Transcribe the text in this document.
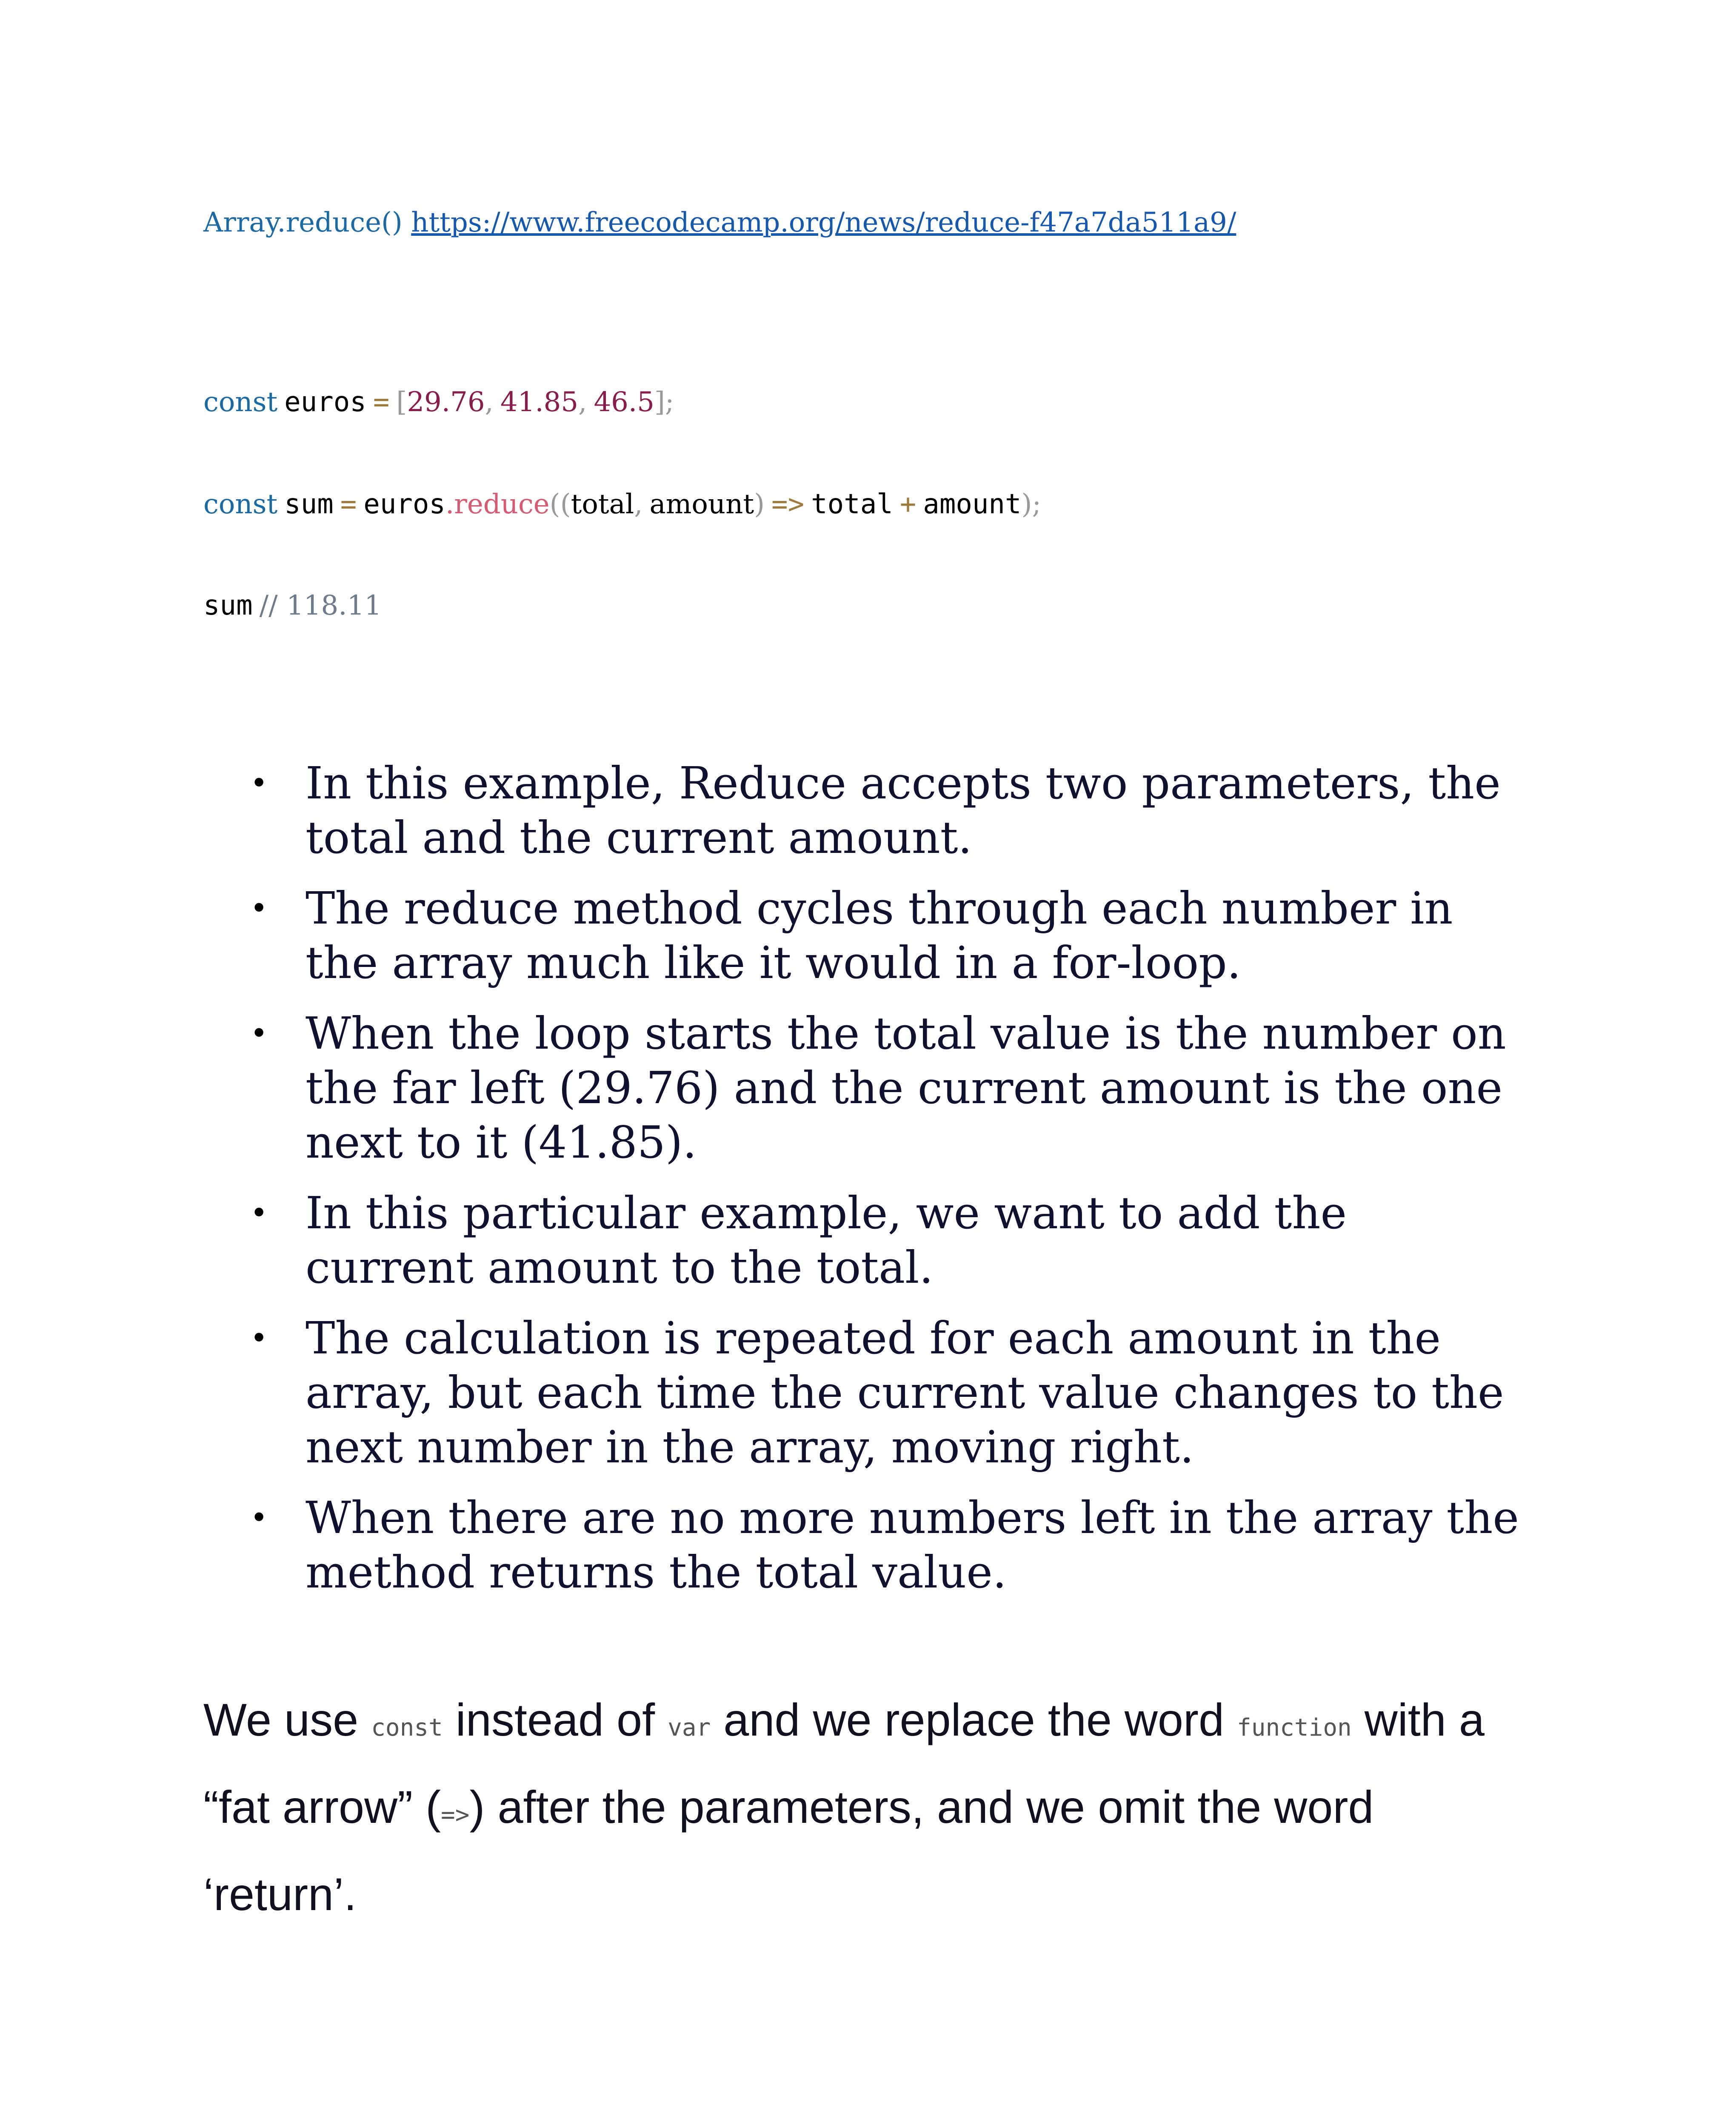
Array.reduce() https://www.freecodecamp.org/news/reduce-f47a7da511a9/
const euros = [29.76, 41.85, 46.5];
const sum = euros.reduce((total, amount) => total + amount);
sum // 118.11
• In this example, Reduce accepts two parameters, the total and the current amount.
• The reduce method cycles through each number in the array much like it would in a for-loop.
• When the loop starts the total value is the number on the far left (29.76) and the current amount is the one next to it (41.85).
• In this particular example, we want to add the current amount to the total.
• The calculation is repeated for each amount in the array, but each time the current value changes to the next number in the array, moving right.
• When there are no more numbers left in the array the method returns the total value.

We use const instead of var and we replace the word function with a “fat arrow” (=>) after the parameters, and we omit the word ‘return’.
